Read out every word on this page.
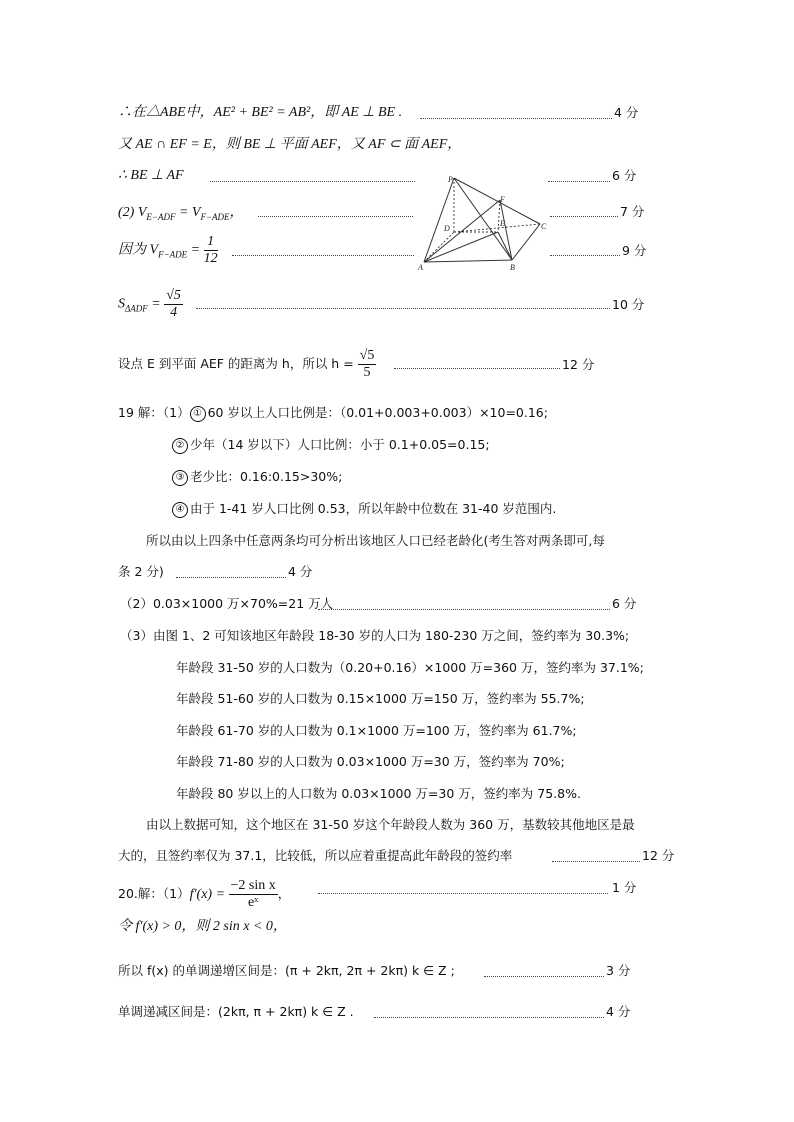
∴在△ABE中，AE² + BE² = AB²，即 AE ⊥ BE .	4 分
又 AE ∩ EF = E，则 BE ⊥ 平面 AEF，又 AF ⊂ 面 AEF，
∴ BE ⊥ AF	6 分
(2) $V_{E-ADF} = V_{F-ADE}$，	7 分
因为 $V_{F-ADE} = \frac{1}{12}$	9 分
$S_{\Delta ADF} = \frac{√5}{4}$	10 分
设点 E 到平面 AEF 的距离为 h，所以 $h = \frac{√5}{5}$	12 分
19 解：（1） ① 60 岁以上人口比例是：（0.01+0.003+0.003）×10=0.16;
② 少年（14 岁以下）人口比例：小于 0.1+0.05=0.15;
③ 老少比：0.16:0.15>30%;
④ 由于 1-41 岁人口比例 0.53，所以年龄中位数在 31-40 岁范围内.
所以由以上四条中任意两条均可分析出该地区人口已经老龄化(考生答对两条即可,每
条 2 分)	4 分
（2）0.03×1000 万×70%=21 万人	6 分
（3）由图 1、2 可知该地区年龄段 18-30 岁的人口为 180-230 万之间，签约率为 30.3%;
年龄段 31-50 岁的人口数为（0.20+0.16）×1000 万=360 万，签约率为 37.1%;
年龄段 51-60 岁的人口数为 0.15×1000 万=150 万，签约率为 55.7%;
年龄段 61-70 岁的人口数为 0.1×1000 万=100 万，签约率为 61.7%;
年龄段 71-80 岁的人口数为 0.03×1000 万=30 万，签约率为 70%;
年龄段 80 岁以上的人口数为 0.03×1000 万=30 万，签约率为 75.8%.
由以上数据可知，这个地区在 31-50 岁这个年龄段人数为 360 万，基数较其他地区是最
大的，且签约率仅为 37.1，比较低，所以应着重提高此年龄段的签约率	12 分
20.解：$(1)f'(x) = \frac{\text{−2 sin x}}{\text{eˣ}}$ ，	1 分
令 f′(x) > 0，则 2 sin x < 0，
所以 f(x) 的单调递增区间是：(π + 2kπ, 2π + 2kπ) k ∈ Z ;	3 分
单调递减区间是：(2kπ, π + 2kπ) k ∈ Z .	4 分
P
F
D
E	C
A	B
